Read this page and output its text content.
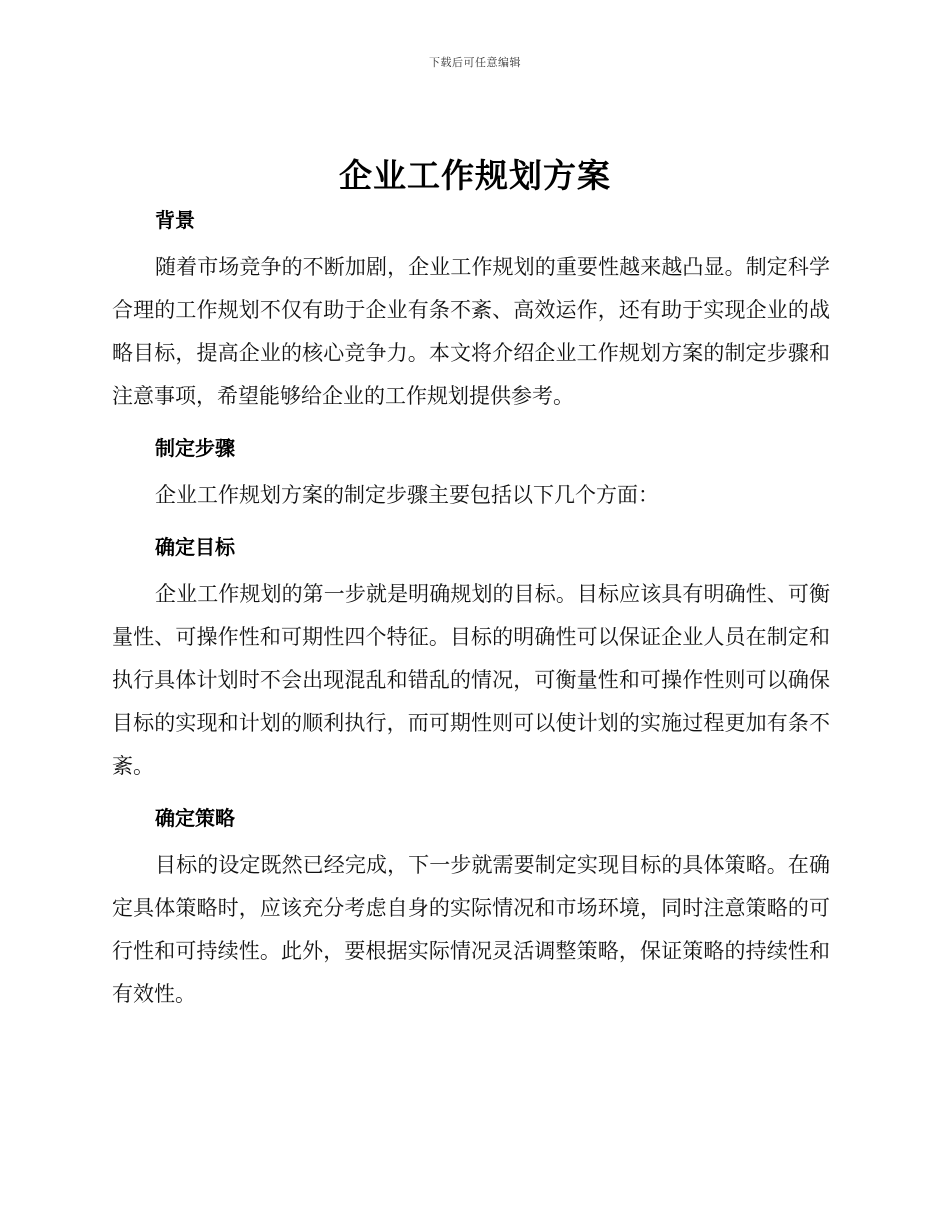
下载后可任意编辑
企业工作规划方案
背景

随着市场竞争的不断加剧，企业工作规划的重要性越来越凸显。制定科学合理的工作规划不仅有助于企业有条不紊、高效运作，还有助于实现企业的战略目标，提高企业的核心竞争力。本文将介绍企业工作规划方案的制定步骤和注意事项，希望能够给企业的工作规划提供参考。

制定步骤

企业工作规划方案的制定步骤主要包括以下几个方面：

确定目标

企业工作规划的第一步就是明确规划的目标。目标应该具有明确性、可衡量性、可操作性和可期性四个特征。目标的明确性可以保证企业人员在制定和执行具体计划时不会出现混乱和错乱的情况，可衡量性和可操作性则可以确保目标的实现和计划的顺利执行，而可期性则可以使计划的实施过程更加有条不紊。

确定策略

目标的设定既然已经完成，下一步就需要制定实现目标的具体策略。在确定具体策略时，应该充分考虑自身的实际情况和市场环境，同时注意策略的可行性和可持续性。此外，要根据实际情况灵活调整策略，保证策略的持续性和有效性。
